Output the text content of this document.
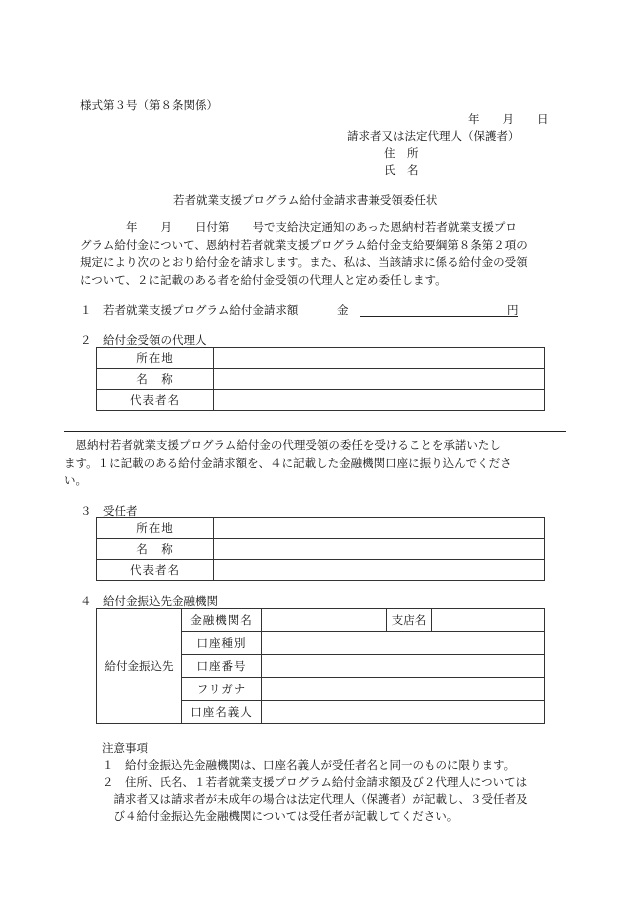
様式第３号（第８条関係）
年　　月　　日
請求者又は法定代理人（保護者）
住　所
氏　名
若者就業支援プログラム給付金請求書兼受領委任状
　　　　年　　月　　日付第　　号で支給決定通知のあった恩納村若者就業支援プロ
グラム給付金について、恩納村若者就業支援プログラム給付金支給要綱第８条第２項の
規定により次のとおり給付金を請求します。また、私は、当該請求に係る給付金の受領
について、２に記載のある者を給付金受領の代理人と定め委任します。
１　若者就業支援プログラム給付金請求額	金	円
２　給付金受領の代理人
所在地	
名　称	
代表者名	
　恩納村若者就業支援プログラム給付金の代理受領の委任を受けることを承諾いたし
ます。１に記載のある給付金請求額を、４に記載した金融機関口座に振り込んでくださ
い。
３　受任者
所在地	
名　称	
代表者名	
４　給付金振込先金融機関
給付金振込先	金融機関名		支店名	
	口座種別			
	口座番号			
	フリガナ			
	口座名義人			
注意事項
１　給付金振込先金融機関は、口座名義人が受任者名と同一のものに限ります。
２　住所、氏名、１若者就業支援プログラム給付金請求額及び２代理人については
　請求者又は請求者が未成年の場合は法定代理人（保護者）が記載し、３受任者及
　び４給付金振込先金融機関については受任者が記載してください。
